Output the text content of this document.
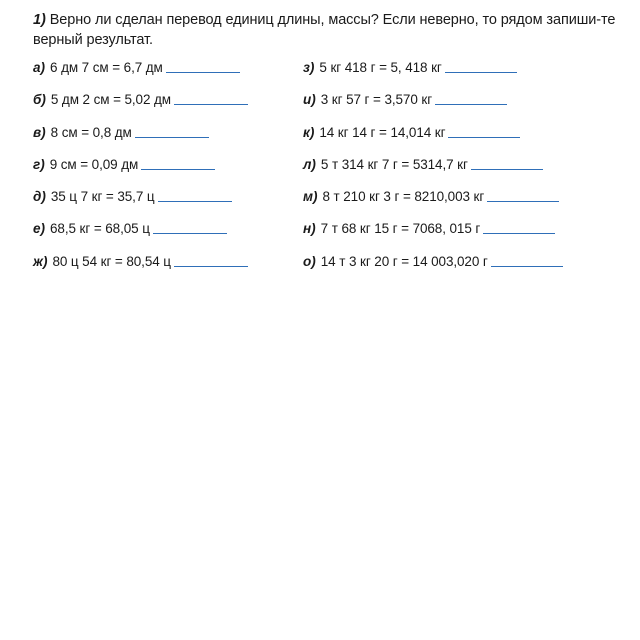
1) Верно ли сделан перевод единиц длины, массы? Если неверно, то рядом запиши-те верный результат.
а) 6 дм 7 см = 6,7 дм
б) 5 дм 2 см = 5,02 дм
в) 8 см = 0,8 дм
г) 9 см = 0,09 дм
д) 35 ц 7 кг = 35,7 ц
е) 68,5 кг = 68,05 ц
ж) 80 ц 54 кг = 80,54 ц
з) 5 кг 418 г = 5, 418 кг
и) 3 кг 57 г = 3,570 кг
к) 14 кг 14 г = 14,014 кг
л) 5 т 314 кг 7 г = 5314,7 кг
м) 8 т 210 кг 3 г = 8210,003 кг
н) 7 т 68 кг 15 г = 7068, 015 г
о) 14 т 3 кг 20 г = 14 003,020 г
